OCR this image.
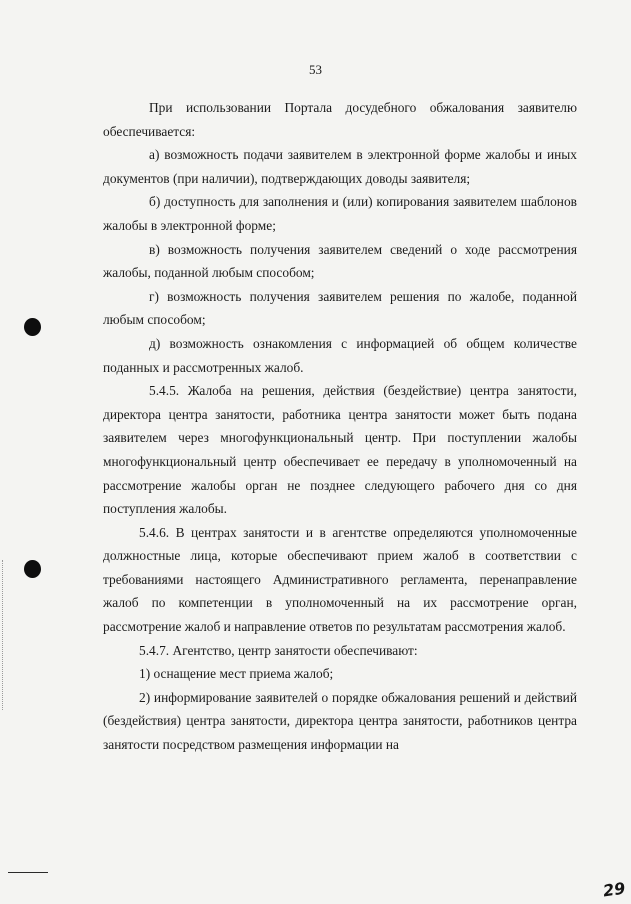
53

При использовании Портала досудебного обжалования заявителю обеспечивается:

а) возможность подачи заявителем в электронной форме жалобы и иных документов (при наличии), подтверждающих доводы заявителя;

б) доступность для заполнения и (или) копирования заявителем шаблонов жалобы в электронной форме;

в) возможность получения заявителем сведений о ходе рассмотрения жалобы, поданной любым способом;

г) возможность получения заявителем решения по жалобе, поданной любым способом;

д) возможность ознакомления с информацией об общем количестве поданных и рассмотренных жалоб.

5.4.5. Жалоба на решения, действия (бездействие) центра занятости, директора центра занятости, работника центра занятости может быть подана заявителем через многофункциональный центр. При поступлении жалобы многофункциональный центр обеспечивает ее передачу в уполномоченный на рассмотрение жалобы орган не позднее следующего рабочего дня со дня поступления жалобы.

5.4.6. В центрах занятости и в агентстве определяются уполномоченные должностные лица, которые обеспечивают прием жалоб в соответствии с требованиями настоящего Административного регламента, перенаправление жалоб по компетенции в уполномоченный на их рассмотрение орган, рассмотрение жалоб и направление ответов по результатам рассмотрения жалоб.

5.4.7. Агентство, центр занятости обеспечивают:

1) оснащение мест приема жалоб;

2) информирование заявителей о порядке обжалования решений и действий (бездействия) центра занятости, директора центра занятости, работников центра занятости посредством размещения информации на

29
